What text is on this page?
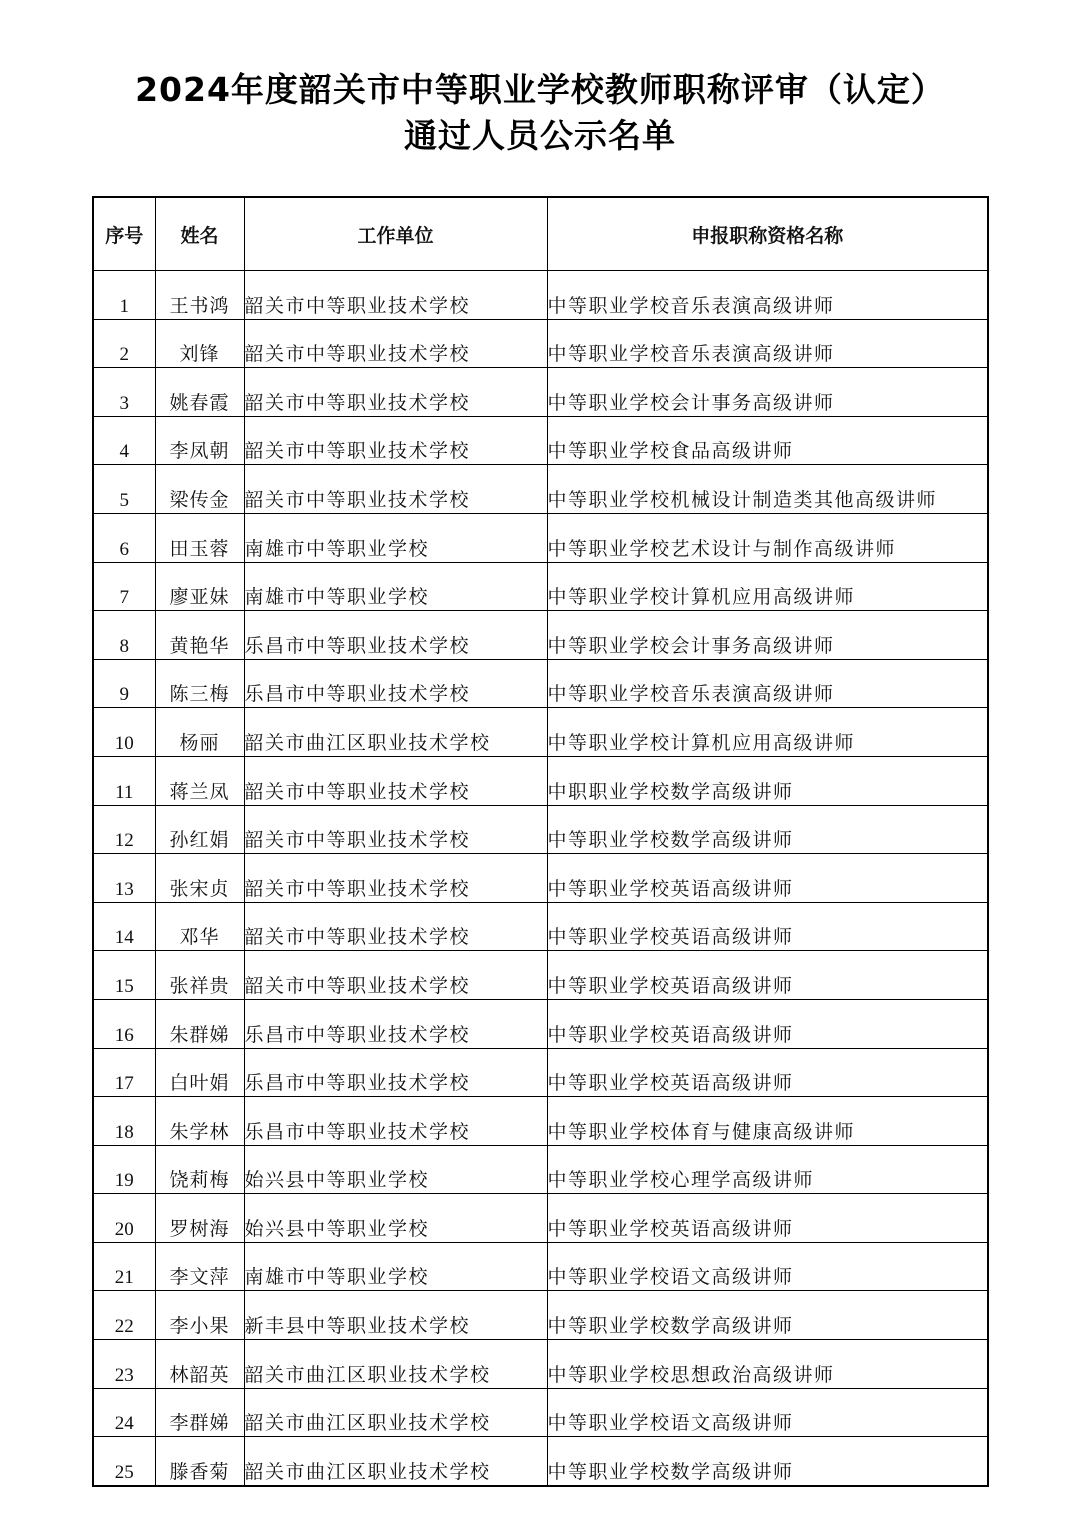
2024年度韶关市中等职业学校教师职称评审（认定）
通过人员公示名单
序号	姓名	工作单位	申报职称资格名称
1	王书鸿	韶关市中等职业技术学校	中等职业学校音乐表演高级讲师
2	刘锋	韶关市中等职业技术学校	中等职业学校音乐表演高级讲师
3	姚春霞	韶关市中等职业技术学校	中等职业学校会计事务高级讲师
4	李凤朝	韶关市中等职业技术学校	中等职业学校食品高级讲师
5	梁传金	韶关市中等职业技术学校	中等职业学校机械设计制造类其他高级讲师
6	田玉蓉	南雄市中等职业学校	中等职业学校艺术设计与制作高级讲师
7	廖亚妹	南雄市中等职业学校	中等职业学校计算机应用高级讲师
8	黄艳华	乐昌市中等职业技术学校	中等职业学校会计事务高级讲师
9	陈三梅	乐昌市中等职业技术学校	中等职业学校音乐表演高级讲师
10	杨丽	韶关市曲江区职业技术学校	中等职业学校计算机应用高级讲师
11	蒋兰凤	韶关市中等职业技术学校	中职职业学校数学高级讲师
12	孙红娟	韶关市中等职业技术学校	中等职业学校数学高级讲师
13	张宋贞	韶关市中等职业技术学校	中等职业学校英语高级讲师
14	邓华	韶关市中等职业技术学校	中等职业学校英语高级讲师
15	张祥贵	韶关市中等职业技术学校	中等职业学校英语高级讲师
16	朱群娣	乐昌市中等职业技术学校	中等职业学校英语高级讲师
17	白叶娟	乐昌市中等职业技术学校	中等职业学校英语高级讲师
18	朱学林	乐昌市中等职业技术学校	中等职业学校体育与健康高级讲师
19	饶莉梅	始兴县中等职业学校	中等职业学校心理学高级讲师
20	罗树海	始兴县中等职业学校	中等职业学校英语高级讲师
21	李文萍	南雄市中等职业学校	中等职业学校语文高级讲师
22	李小果	新丰县中等职业技术学校	中等职业学校数学高级讲师
23	林韶英	韶关市曲江区职业技术学校	中等职业学校思想政治高级讲师
24	李群娣	韶关市曲江区职业技术学校	中等职业学校语文高级讲师
25	滕香菊	韶关市曲江区职业技术学校	中等职业学校数学高级讲师
